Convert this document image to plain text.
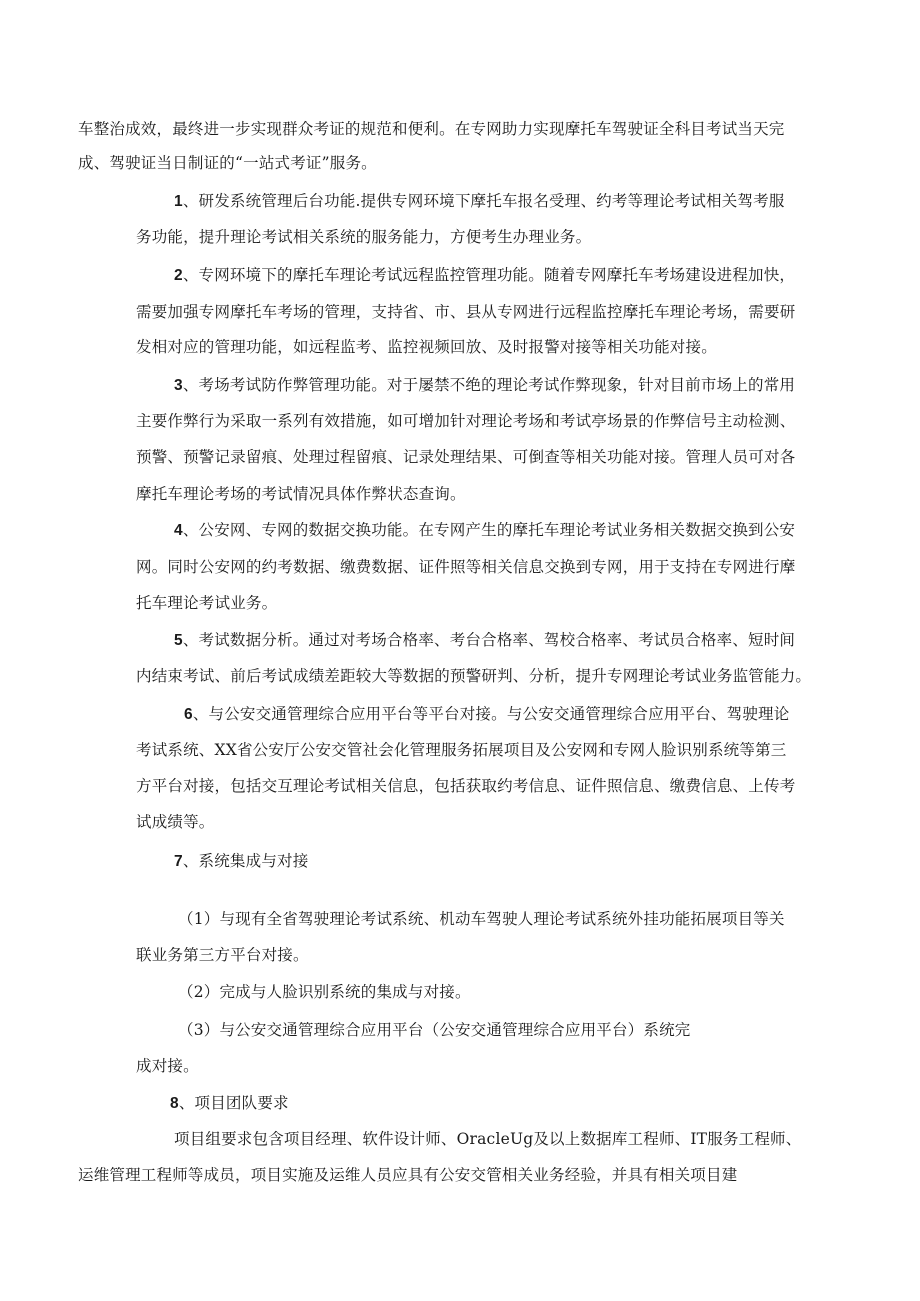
车整治成效，最终进一步实现群众考证的规范和便利。在专网助力实现摩托车驾驶证全科目考试当天完
成、驾驶证当日制证的“一站式考证”服务。
1、研发系统管理后台功能.提供专网环境下摩托车报名受理、约考等理论考试相关驾考服
务功能，提升理论考试相关系统的服务能力，方便考生办理业务。
2、专网环境下的摩托车理论考试远程监控管理功能。随着专网摩托车考场建设进程加快，
需要加强专网摩托车考场的管理，支持省、市、县从专网进行远程监控摩托车理论考场，需要研
发相对应的管理功能，如远程监考、监控视频回放、及时报警对接等相关功能对接。
3、考场考试防作弊管理功能。对于屡禁不绝的理论考试作弊现象，针对目前市场上的常用
主要作弊行为采取一系列有效措施，如可增加针对理论考场和考试亭场景的作弊信号主动检测、
预警、预警记录留痕、处理过程留痕、记录处理结果、可倒查等相关功能对接。管理人员可对各
摩托车理论考场的考试情况具体作弊状态查询。
4、公安网、专网的数据交换功能。在专网产生的摩托车理论考试业务相关数据交换到公安
网。同时公安网的约考数据、缴费数据、证件照等相关信息交换到专网，用于支持在专网进行摩
托车理论考试业务。
5、考试数据分析。通过对考场合格率、考台合格率、驾校合格率、考试员合格率、短时间
内结束考试、前后考试成绩差距较大等数据的预警研判、分析，提升专网理论考试业务监管能力。
6、与公安交通管理综合应用平台等平台对接。与公安交通管理综合应用平台、驾驶理论
考试系统、XX省公安厅公安交管社会化管理服务拓展项目及公安网和专网人脸识别系统等第三
方平台对接，包括交互理论考试相关信息，包括获取约考信息、证件照信息、缴费信息、上传考
试成绩等。
7、系统集成与对接
（1）与现有全省驾驶理论考试系统、机动车驾驶人理论考试系统外挂功能拓展项目等关
联业务第三方平台对接。
（2）完成与人脸识别系统的集成与对接。
（3）与公安交通管理综合应用平台（公安交通管理综合应用平台）系统完
成对接。
8、项目团队要求
项目组要求包含项目经理、软件设计师、OracleUg及以上数据库工程师、IT服务工程师、
运维管理工程师等成员，项目实施及运维人员应具有公安交管相关业务经验，并具有相关项目建
